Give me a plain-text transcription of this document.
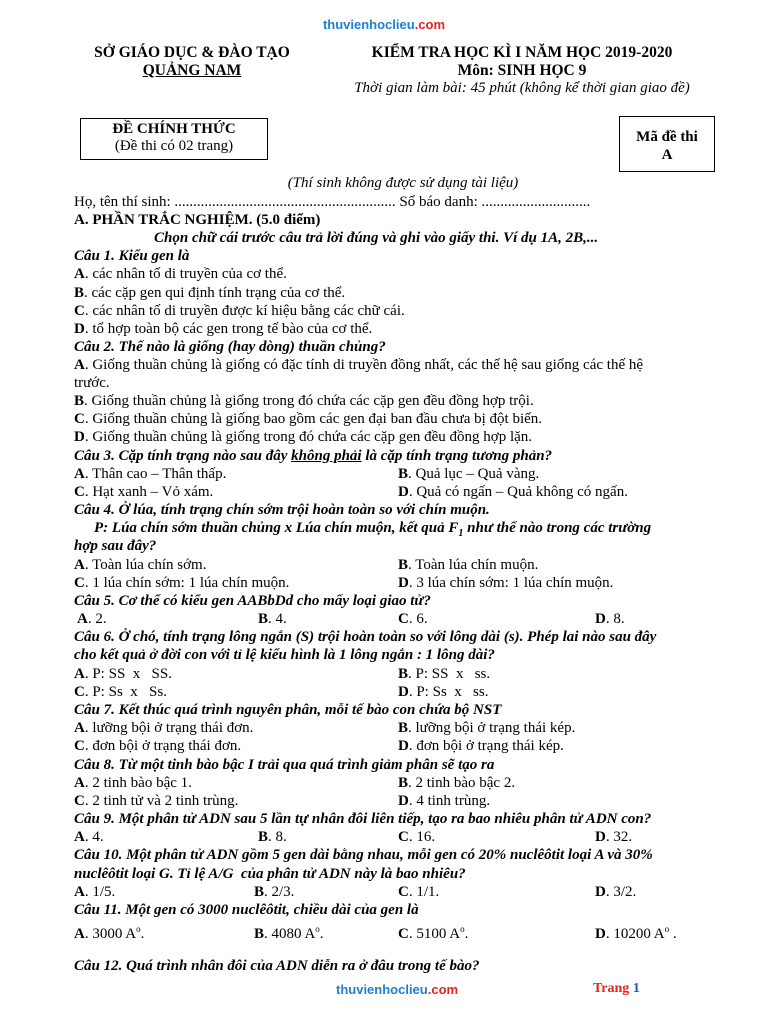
thuvienhoclieu.com
SỞ GIÁO DỤC & ĐÀO TẠO
QUẢNG NAM
KIỂM TRA HỌC KÌ I NĂM HỌC 2019-2020
Môn: SINH HỌC 9
Thời gian làm bài: 45 phút (không kể thời gian giao đề)
ĐỀ CHÍNH THỨC
(Đề thi có 02 trang)
Mã đề thi
A
(Thí sinh không được sử dụng tài liệu)
Họ, tên thí sinh: ........................................................... Số báo danh: .............................
A. PHẦN TRẮC NGHIỆM. (5.0 điểm)
Chọn chữ cái trước câu trả lời đúng và ghi vào giấy thi. Ví dụ 1A, 2B,...
Câu 1. Kiểu gen là
A. các nhân tố di truyền của cơ thể.
B. các cặp gen qui định tính trạng của cơ thể.
C. các nhân tố di truyền được kí hiệu bằng các chữ cái.
D. tổ hợp toàn bộ các gen trong tế bào của cơ thể.
Câu 2. Thế nào là giống (hay dòng) thuần chủng?
A. Giống thuần chủng là giống có đặc tính di truyền đồng nhất, các thế hệ sau giống các thế hệ
trước.
B. Giống thuần chủng là giống trong đó chứa các cặp gen đều đồng hợp trội.
C. Giống thuần chủng là giống bao gồm các gen đại ban đầu chưa bị đột biến.
D. Giống thuần chủng là giống trong đó chứa các cặp gen đều đồng hợp lặn.
Câu 3. Cặp tính trạng nào sau đây không phải là cặp tính trạng tương phản?
A. Thân cao – Thân thấp.	B. Quả lục – Quả vàng.
C. Hạt xanh – Vỏ xám.	D. Quả có ngấn – Quả không có ngấn.
Câu 4. Ở lúa, tính trạng chín sớm trội hoàn toàn so với chín muộn.
P: Lúa chín sớm thuần chủng x Lúa chín muộn, kết quả $F_1$ như thế nào trong các trường
hợp sau đây?
A. Toàn lúa chín sớm.	B. Toàn lúa chín muộn.
C. 1 lúa chín sớm: 1 lúa chín muộn.	D. 3 lúa chín sớm: 1 lúa chín muộn.
Câu 5. Cơ thể có kiểu gen AABbDd cho mấy loại giao tử?
A. 2.	B. 4.	C. 6.	D. 8.
Câu 6. Ở chó, tính trạng lông ngắn (S) trội hoàn toàn so với lông dài (s). Phép lai nào sau đây
cho kết quả ở đời con với tỉ lệ kiểu hình là 1 lông ngắn : 1 lông dài?
A. P: SS  x   SS.	B. P: SS  x   ss.
C. P: Ss  x   Ss.	D. P: Ss  x   ss.
Câu 7. Kết thúc quá trình nguyên phân, mỗi tế bào con chứa bộ NST
A. lưỡng bội ở trạng thái đơn.	B. lưỡng bội ở trạng thái kép.
C. đơn bội ở trạng thái đơn.	D. đơn bội ở trạng thái kép.
Câu 8. Từ một tinh bào bậc I trải qua quá trình giảm phân sẽ tạo ra
A. 2 tinh bào bậc 1.	B. 2 tinh bào bậc 2.
C. 2 tinh tử và 2 tinh trùng.	D. 4 tinh trùng.
Câu 9. Một phân tử ADN sau 5 lần tự nhân đôi liên tiếp, tạo ra bao nhiêu phân tử ADN con?
A. 4.	B. 8.	C. 16.	D. 32.
Câu 10. Một phân tử ADN gồm 5 gen dài bằng nhau, mỗi gen có 20% nuclêôtit loại A và 30%
nuclêôtit loại G. Tỉ lệ A/G  của phân tử ADN này là bao nhiêu?
A. 1/5.	B. 2/3.	C. 1/1.	D. 3/2.
Câu 11. Một gen có 3000 nuclêôtit, chiều dài của gen là
A. 3000 $A^o$.	B. 4080 $A^o$.	C. 5100 $A^o$.	D. 10200 $A^o$ .
Câu 12. Quá trình nhân đôi của ADN diễn ra ở đâu trong tế bào?
thuvienhoclieu.com	Trang 1
